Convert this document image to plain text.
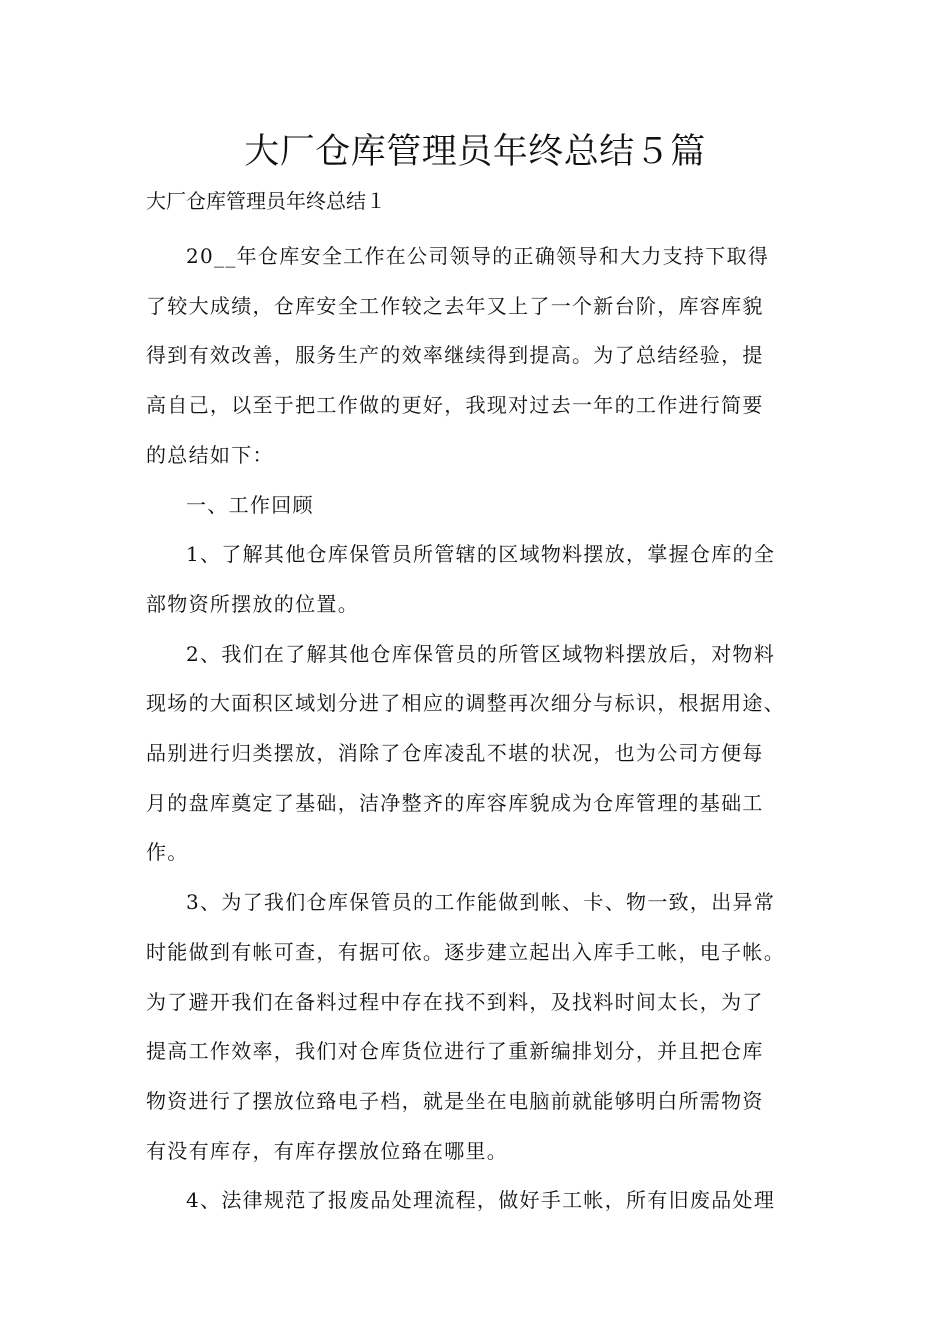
大厂仓库管理员年终总结５篇

大厂仓库管理员年终总结１

20__年仓库安全工作在公司领导的正确领导和大力支持下取得
了较大成绩，仓库安全工作较之去年又上了一个新台阶，库容库貌
得到有效改善，服务生产的效率继续得到提高。为了总结经验，提
高自己，以至于把工作做的更好，我现对过去一年的工作进行简要
的总结如下：

一、工作回顾

1、了解其他仓库保管员所管辖的区域物料摆放，掌握仓库的全
部物资所摆放的位置。

2、我们在了解其他仓库保管员的所管区域物料摆放后，对物料
现场的大面积区域划分进了相应的调整再次细分与标识，根据用途、
品别进行归类摆放，消除了仓库凌乱不堪的状况，也为公司方便每
月的盘库奠定了基础，洁净整齐的库容库貌成为仓库管理的基础工
作。

3、为了我们仓库保管员的工作能做到帐、卡、物一致，出异常
时能做到有帐可查，有据可依。逐步建立起出入库手工帐，电子帐。
为了避开我们在备料过程中存在找不到料，及找料时间太长，为了
提高工作效率，我们对仓库货位进行了重新编排划分，并且把仓库
物资进行了摆放位臵电子档，就是坐在电脑前就能够明白所需物资
有没有库存，有库存摆放位臵在哪里。

4、法律规范了报废品处理流程，做好手工帐，所有旧废品处理
